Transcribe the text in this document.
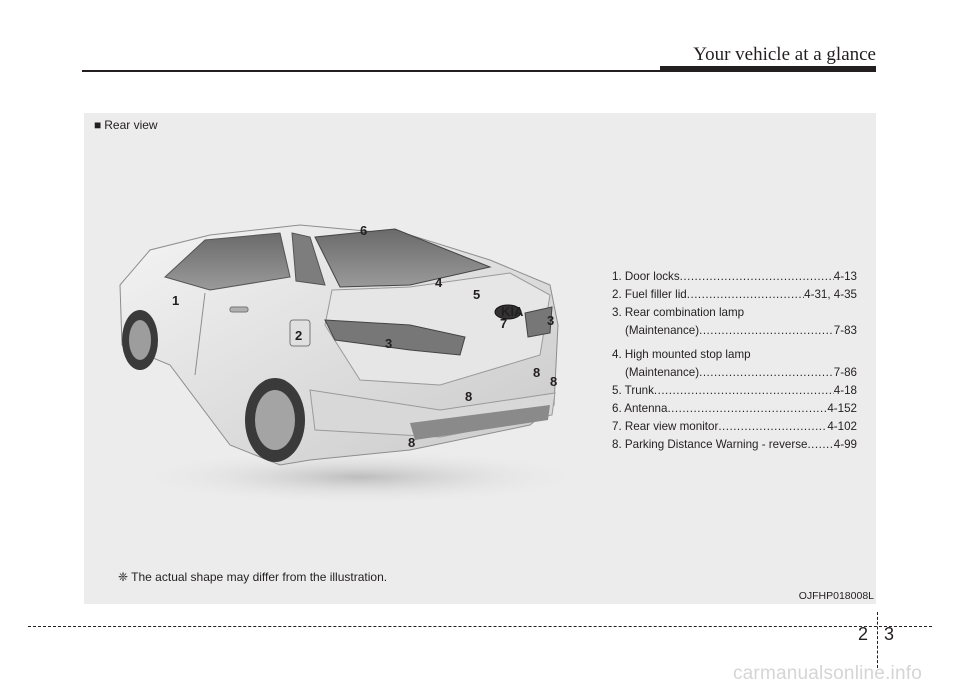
Your vehicle at a glance
■ Rear view
KIA
1
2
3
3
4
5
6
7
8
8
8
8
1. Door locks .....	4-13
2. Fuel filler lid .....	4-31, 4-35
3. Rear combination lamp
(Maintenance) .....	7-83
4. High mounted stop lamp
(Maintenance) .....	7-86
5. Trunk .....	4-18
6. Antenna .....	4-152
7. Rear view monitor .....	4-102
8. Parking Distance Warning - reverse ..... 4-99
❈ The actual shape may differ from the illustration.
OJFHP018008L
2 3
carmanualsonline.info
